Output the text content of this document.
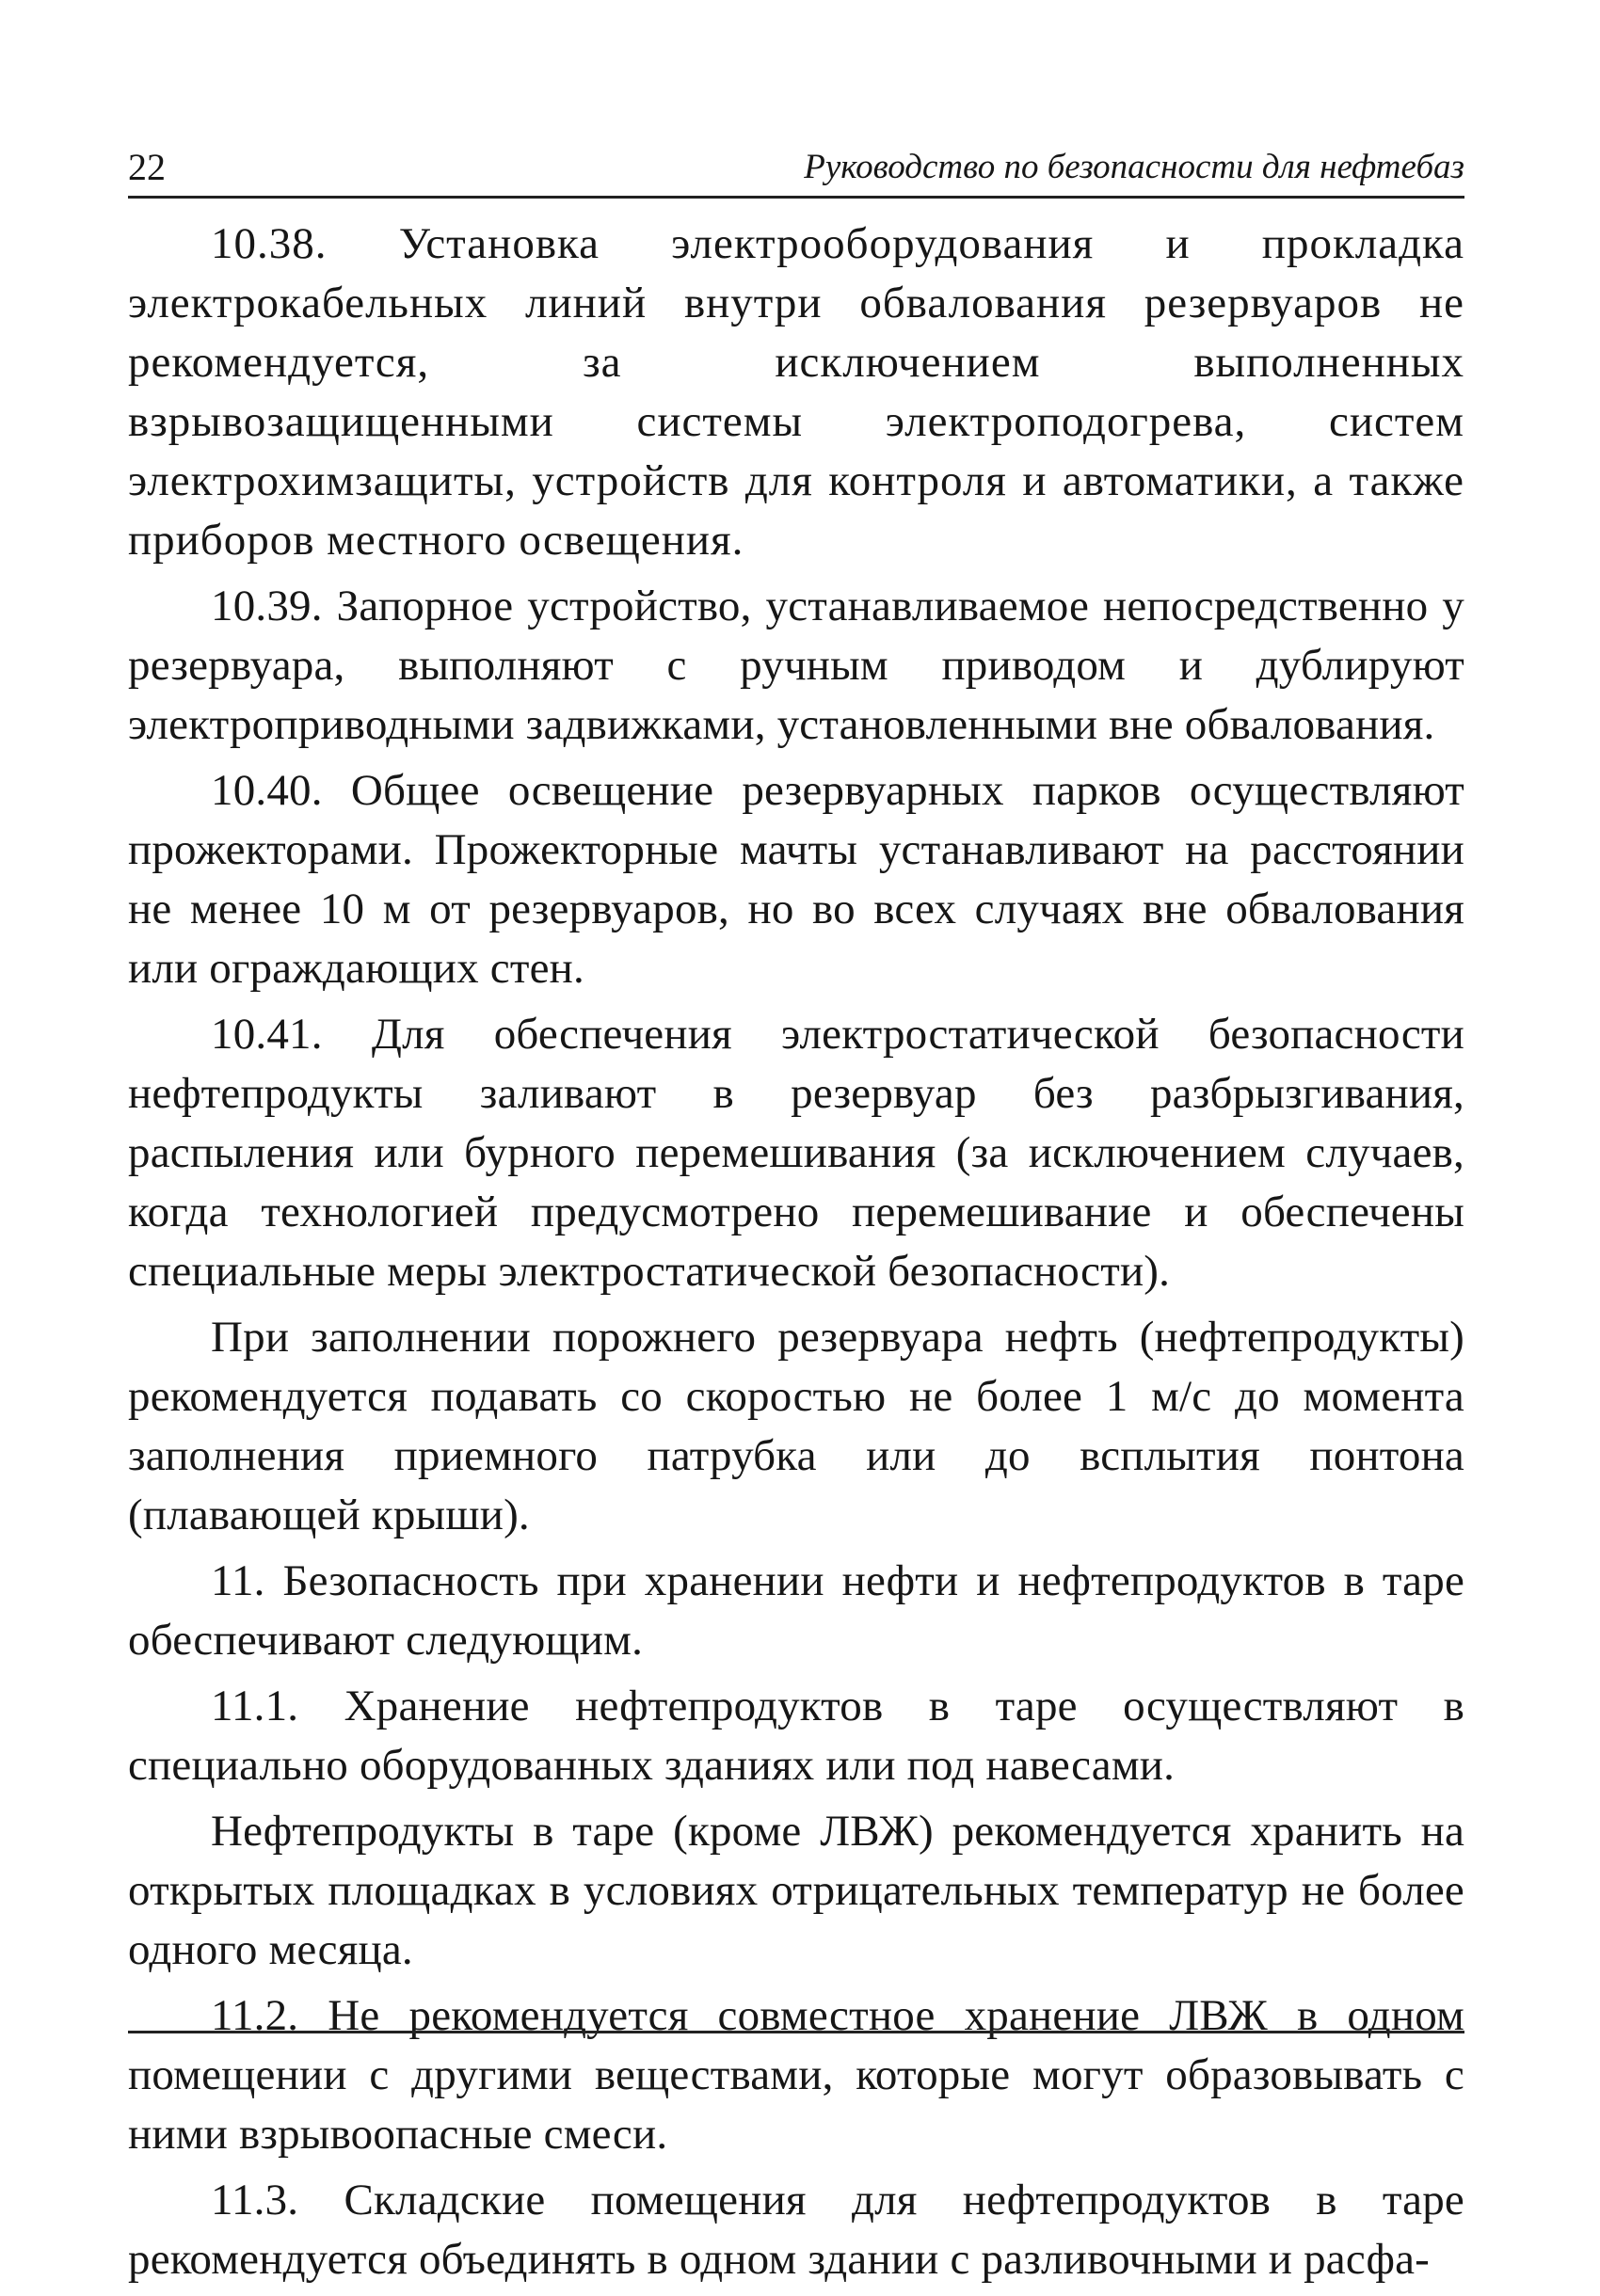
22	Руководство по безопасности для нефтебаз

10.38. Установка электрооборудования и прокладка электрокабельных линий внутри обвалования резервуаров не рекомендуется, за исключением выполненных взрывозащищенными системы электроподогрева, систем электрохимзащиты, устройств для контроля и автоматики, а также приборов местного освещения.

10.39. Запорное устройство, устанавливаемое непосредственно у резервуара, выполняют с ручным приводом и дублируют электроприводными задвижками, установленными вне обвалования.

10.40. Общее освещение резервуарных парков осуществляют прожекторами. Прожекторные мачты устанавливают на расстоянии не менее 10 м от резервуаров, но во всех случаях вне обвалования или ограждающих стен.

10.41. Для обеспечения электростатической безопасности нефтепродукты заливают в резервуар без разбрызгивания, распыления или бурного перемешивания (за исключением случаев, когда технологией предусмотрено перемешивание и обеспечены специальные меры электростатической безопасности).

При заполнении порожнего резервуара нефть (нефтепродукты) рекомендуется подавать со скоростью не более 1 м/с до момента заполнения приемного патрубка или до всплытия понтона (плавающей крыши).

11. Безопасность при хранении нефти и нефтепродуктов в таре обеспечивают следующим.

11.1. Хранение нефтепродуктов в таре осуществляют в специально оборудованных зданиях или под навесами.

Нефтепродукты в таре (кроме ЛВЖ) рекомендуется хранить на открытых площадках в условиях отрицательных температур не более одного месяца.

11.2. Не рекомендуется совместное хранение ЛВЖ в одном помещении с другими веществами, которые могут образовывать с ними взрывоопасные смеси.

11.3. Складские помещения для нефтепродуктов в таре рекомендуется объединять в одном здании с разливочными и расфа-
